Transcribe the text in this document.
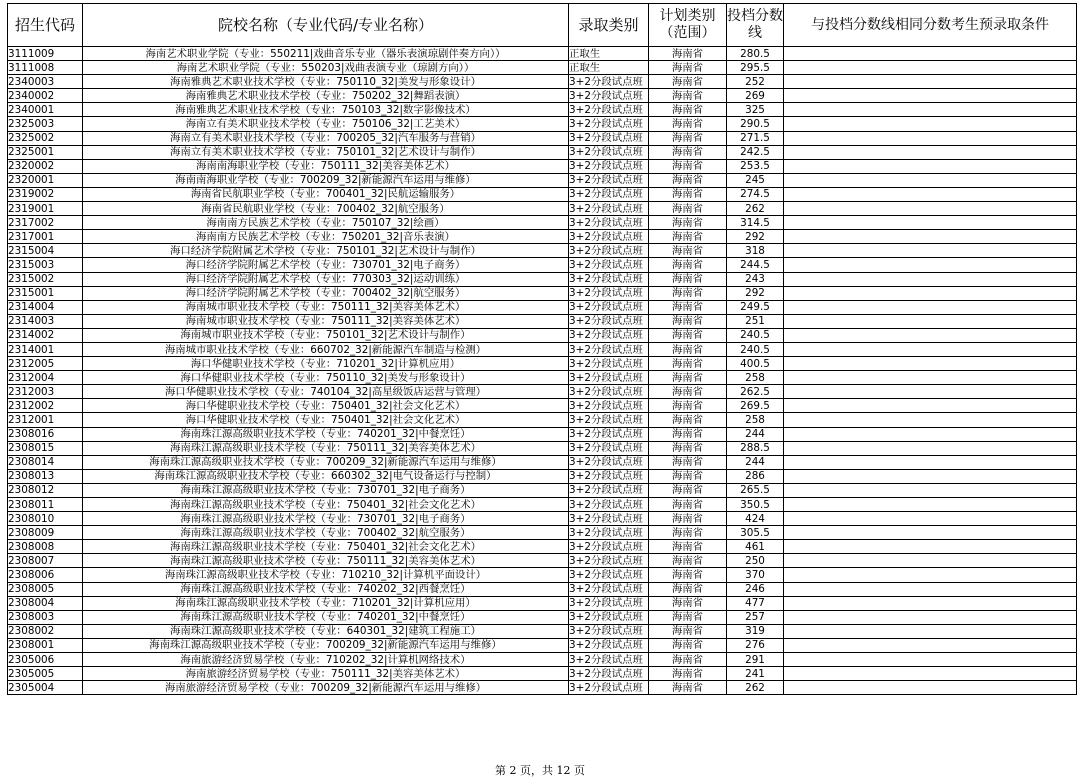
招生代码	院校名称（专业代码/专业名称）	录取类别	计划类别（范围）	投档分数线	与投档分数线相同分数考生预录取条件
3111009	海南艺术职业学院（专业：550211|戏曲音乐专业（器乐表演琼剧伴奏方向））	正取生	海南省	280.5	
3111008	海南艺术职业学院（专业：550203|戏曲表演专业（琼剧方向））	正取生	海南省	295.5	
2340003	海南雅典艺术职业技术学校（专业：750110_32|美发与形象设计）	3+2分段试点班	海南省	252	
2340002	海南雅典艺术职业技术学校（专业：750202_32|舞蹈表演）	3+2分段试点班	海南省	269	
2340001	海南雅典艺术职业技术学校（专业：750103_32|数字影像技术）	3+2分段试点班	海南省	325	
2325003	海南立有美术职业技术学校（专业：750106_32|工艺美术）	3+2分段试点班	海南省	290.5	
2325002	海南立有美术职业技术学校（专业：700205_32|汽车服务与营销）	3+2分段试点班	海南省	271.5	
2325001	海南立有美术职业技术学校（专业：750101_32|艺术设计与制作）	3+2分段试点班	海南省	242.5	
2320002	海南南海职业学校（专业：750111_32|美容美体艺术）	3+2分段试点班	海南省	253.5	
2320001	海南南海职业学校（专业：700209_32|新能源汽车运用与维修）	3+2分段试点班	海南省	245	
2319002	海南省民航职业学校（专业：700401_32|民航运输服务）	3+2分段试点班	海南省	274.5	
2319001	海南省民航职业学校（专业：700402_32|航空服务）	3+2分段试点班	海南省	262	
2317002	海南南方民族艺术学校（专业：750107_32|绘画）	3+2分段试点班	海南省	314.5	
2317001	海南南方民族艺术学校（专业：750201_32|音乐表演）	3+2分段试点班	海南省	292	
2315004	海口经济学院附属艺术学校（专业：750101_32|艺术设计与制作）	3+2分段试点班	海南省	318	
2315003	海口经济学院附属艺术学校（专业：730701_32|电子商务）	3+2分段试点班	海南省	244.5	
2315002	海口经济学院附属艺术学校（专业：770303_32|运动训练）	3+2分段试点班	海南省	243	
2315001	海口经济学院附属艺术学校（专业：700402_32|航空服务）	3+2分段试点班	海南省	292	
2314004	海南城市职业技术学校（专业：750111_32|美容美体艺术）	3+2分段试点班	海南省	249.5	
2314003	海南城市职业技术学校（专业：750111_32|美容美体艺术）	3+2分段试点班	海南省	251	
2314002	海南城市职业技术学校（专业：750101_32|艺术设计与制作）	3+2分段试点班	海南省	240.5	
2314001	海南城市职业技术学校（专业：660702_32|新能源汽车制造与检测）	3+2分段试点班	海南省	240.5	
2312005	海口华健职业技术学校（专业：710201_32|计算机应用）	3+2分段试点班	海南省	400.5	
2312004	海口华健职业技术学校（专业：750110_32|美发与形象设计）	3+2分段试点班	海南省	258	
2312003	海口华健职业技术学校（专业：740104_32|高星级饭店运营与管理）	3+2分段试点班	海南省	262.5	
2312002	海口华健职业技术学校（专业：750401_32|社会文化艺术）	3+2分段试点班	海南省	269.5	
2312001	海口华健职业技术学校（专业：750401_32|社会文化艺术）	3+2分段试点班	海南省	258	
2308016	海南珠江源高级职业技术学校（专业：740201_32|中餐烹饪）	3+2分段试点班	海南省	244	
2308015	海南珠江源高级职业技术学校（专业：750111_32|美容美体艺术）	3+2分段试点班	海南省	288.5	
2308014	海南珠江源高级职业技术学校（专业：700209_32|新能源汽车运用与维修）	3+2分段试点班	海南省	244	
2308013	海南珠江源高级职业技术学校（专业：660302_32|电气设备运行与控制）	3+2分段试点班	海南省	286	
2308012	海南珠江源高级职业技术学校（专业：730701_32|电子商务）	3+2分段试点班	海南省	265.5	
2308011	海南珠江源高级职业技术学校（专业：750401_32|社会文化艺术）	3+2分段试点班	海南省	350.5	
2308010	海南珠江源高级职业技术学校（专业：730701_32|电子商务）	3+2分段试点班	海南省	424	
2308009	海南珠江源高级职业技术学校（专业：700402_32|航空服务）	3+2分段试点班	海南省	305.5	
2308008	海南珠江源高级职业技术学校（专业：750401_32|社会文化艺术）	3+2分段试点班	海南省	461	
2308007	海南珠江源高级职业技术学校（专业：750111_32|美容美体艺术）	3+2分段试点班	海南省	250	
2308006	海南珠江源高级职业技术学校（专业：710210_32|计算机平面设计）	3+2分段试点班	海南省	370	
2308005	海南珠江源高级职业技术学校（专业：740202_32|西餐烹饪）	3+2分段试点班	海南省	246	
2308004	海南珠江源高级职业技术学校（专业：710201_32|计算机应用）	3+2分段试点班	海南省	477	
2308003	海南珠江源高级职业技术学校（专业：740201_32|中餐烹饪）	3+2分段试点班	海南省	257	
2308002	海南珠江源高级职业技术学校（专业：640301_32|建筑工程施工）	3+2分段试点班	海南省	319	
2308001	海南珠江源高级职业技术学校（专业：700209_32|新能源汽车运用与维修）	3+2分段试点班	海南省	276	
2305006	海南旅游经济贸易学校（专业：710202_32|计算机网络技术）	3+2分段试点班	海南省	291	
2305005	海南旅游经济贸易学校（专业：750111_32|美容美体艺术）	3+2分段试点班	海南省	241	
2305004	海南旅游经济贸易学校（专业：700209_32|新能源汽车运用与维修）	3+2分段试点班	海南省	262	
第 2 页，共 12 页
